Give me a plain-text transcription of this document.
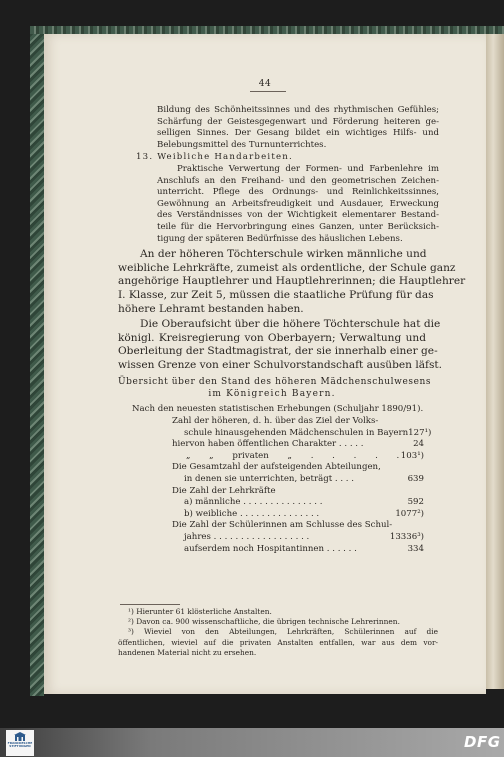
44
Bildung des Schönheitssinnes und des rhythmischen Gefühles;
Schärfung der Geistesgegenwart und Förderung heiteren ge-
selligen Sinnes. Der Gesang bildet ein wichtiges Hilfs- und
Belebungsmittel des Turnunterrichtes.
13. Weibliche Handarbeiten.
Praktische Verwertung der Formen- und Farbenlehre im
Anschlufs an den Freihand- und den geometrischen Zeichen-
unterricht. Pflege des Ordnungs- und Reinlichkeitssinnes,
Gewöhnung an Arbeitsfreudigkeit und Ausdauer, Erweckung
des Verständnisses von der Wichtigkeit elementarer Bestand-
teile für die Hervorbringung eines Ganzen, unter Berücksich-
tigung der späteren Bedürfnisse des häuslichen Lebens.
An der höheren Töchterschule wirken männliche und
weibliche Lehrkräfte, zumeist als ordentliche, der Schule ganz
angehörige Hauptlehrer und Hauptlehrerinnen; die Hauptlehrer
I. Klasse, zur Zeit 5, müssen die staatliche Prüfung für das
höhere Lehramt bestanden haben.
Die Oberaufsicht über die höhere Töchterschule hat die
königl. Kreisregierung von Oberbayern; Verwaltung und
Oberleitung der Stadtmagistrat, der sie innerhalb einer ge-
wissen Grenze von einer Schulvorstandschaft ausüben läfst.
Übersicht über den Stand des höheren Mädchenschulwesens
im Königreich Bayern.
Nach den neuesten statistischen Erhebungen (Schuljahr 1890/91).
Zahl der höheren, d. h. über das Ziel der Volks-
schule hinausgehenden Mädchenschulen in Bayern 127¹)
hiervon haben öffentlichen Charakter . . . . .	24
„ „ privaten „ . . . . . 103¹)
Die Gesamtzahl der aufsteigenden Abteilungen,
in denen sie unterrichten, beträgt . . . .	639
Die Zahl der Lehrkräfte
a) männliche . . . . . . . . . . . . . . .	592
b) weibliche . . . . . . . . . . . . . . .	1077²)
Die Zahl der Schülerinnen am Schlusse des Schul-
jahres . . . . . . . . . . . . . . . . . .	13336³)
aufserdem noch Hospitantinnen . . . . . .	334
¹) Hierunter 61 klösterliche Anstalten.
²) Davon ca. 900 wissenschaftliche, die übrigen technische Lehrerinnen.
³) Wieviel von den Abteilungen, Lehrkräften, Schülerinnen auf die
öffentlichen, wieviel auf die privaten Anstalten entfallen, war aus dem vor-
handenen Material nicht zu ersehen.
FRANCKESCHE
STIFTUNGEN	DFG
